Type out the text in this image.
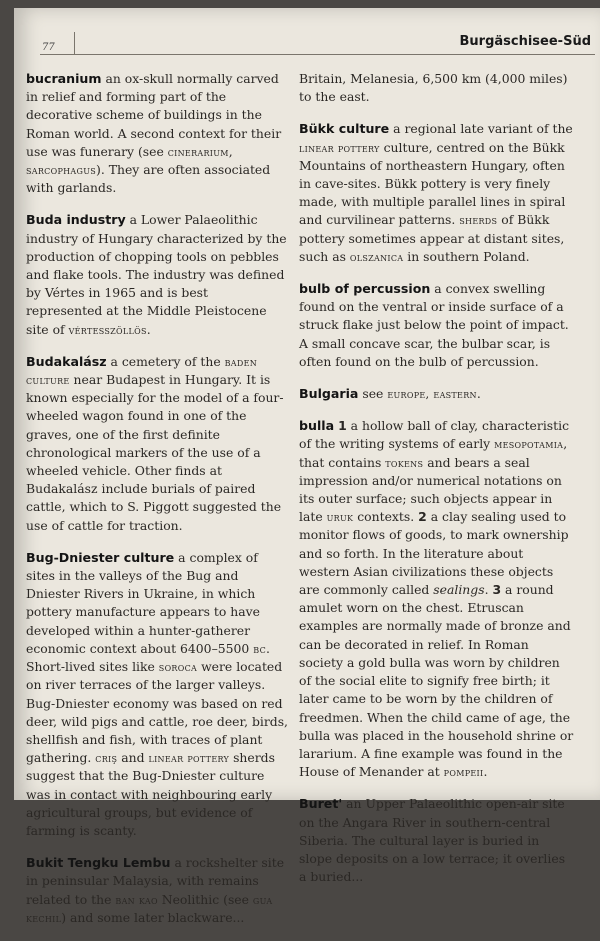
77	Burgäschisee-Süd

bucranium an ox-skull normally carved in relief and forming part of the decorative scheme of buildings in the Roman world. A second context for their use was funerary (see cinerarium, sarcophagus). They are often associated with garlands.

Buda industry a Lower Palaeolithic industry of Hungary characterized by the production of chopping tools on pebbles and flake tools. The industry was defined by Vértes in 1965 and is best represented at the Middle Pleistocene site of vértesszöllös.

Budakalász a cemetery of the baden culture near Budapest in Hungary. It is known especially for the model of a four-wheeled wagon found in one of the graves, one of the first definite chronological markers of the use of a wheeled vehicle. Other finds at Budakalász include burials of paired cattle, which to S. Piggott suggested the use of cattle for traction.

Bug-Dniester culture a complex of sites in the valleys of the Bug and Dniester Rivers in Ukraine, in which pottery manufacture appears to have developed within a hunter-gatherer economic context about 6400–5500 bc. Short-lived sites like soroca were located on river terraces of the larger valleys. Bug-Dniester economy was based on red deer, wild pigs and cattle, roe deer, birds, shellfish and fish, with traces of plant gathering. criş and linear pottery sherds suggest that the Bug-Dniester culture was in contact with neighbouring early agricultural groups, but evidence of farming is scanty.

Bukit Tengku Lembu a rockshelter site in peninsular Malaysia, with remains related to the ban kao Neolithic (see gua kechil) and some later blackware...

Britain, Melanesia, 6,500 km (4,000 miles) to the east.

Bükk culture a regional late variant of the linear pottery culture, centred on the Bükk Mountains of northeastern Hungary, often in cave-sites. Bükk pottery is very finely made, with multiple parallel lines in spiral and curvilinear patterns. sherds of Bükk pottery sometimes appear at distant sites, such as olszanica in southern Poland.

bulb of percussion a convex swelling found on the ventral or inside surface of a struck flake just below the point of impact. A small concave scar, the bulbar scar, is often found on the bulb of percussion.

Bulgaria see europe, eastern.

bulla 1 a hollow ball of clay, characteristic of the writing systems of early mesopotamia, that contains tokens and bears a seal impression and/or numerical notations on its outer surface; such objects appear in late uruk contexts. 2 a clay sealing used to monitor flows of goods, to mark ownership and so forth. In the literature about western Asian civilizations these objects are commonly called sealings. 3 a round amulet worn on the chest. Etruscan examples are normally made of bronze and can be decorated in relief. In Roman society a gold bulla was worn by children of the social elite to signify free birth; it later came to be worn by the children of freedmen. When the child came of age, the bulla was placed in the household shrine or lararium. A fine example was found in the House of Menander at pompeii.

Buret' an Upper Palaeolithic open-air site on the Angara River in southern-central Siberia. The cultural layer is buried in slope deposits on a low terrace; it overlies a buried...
